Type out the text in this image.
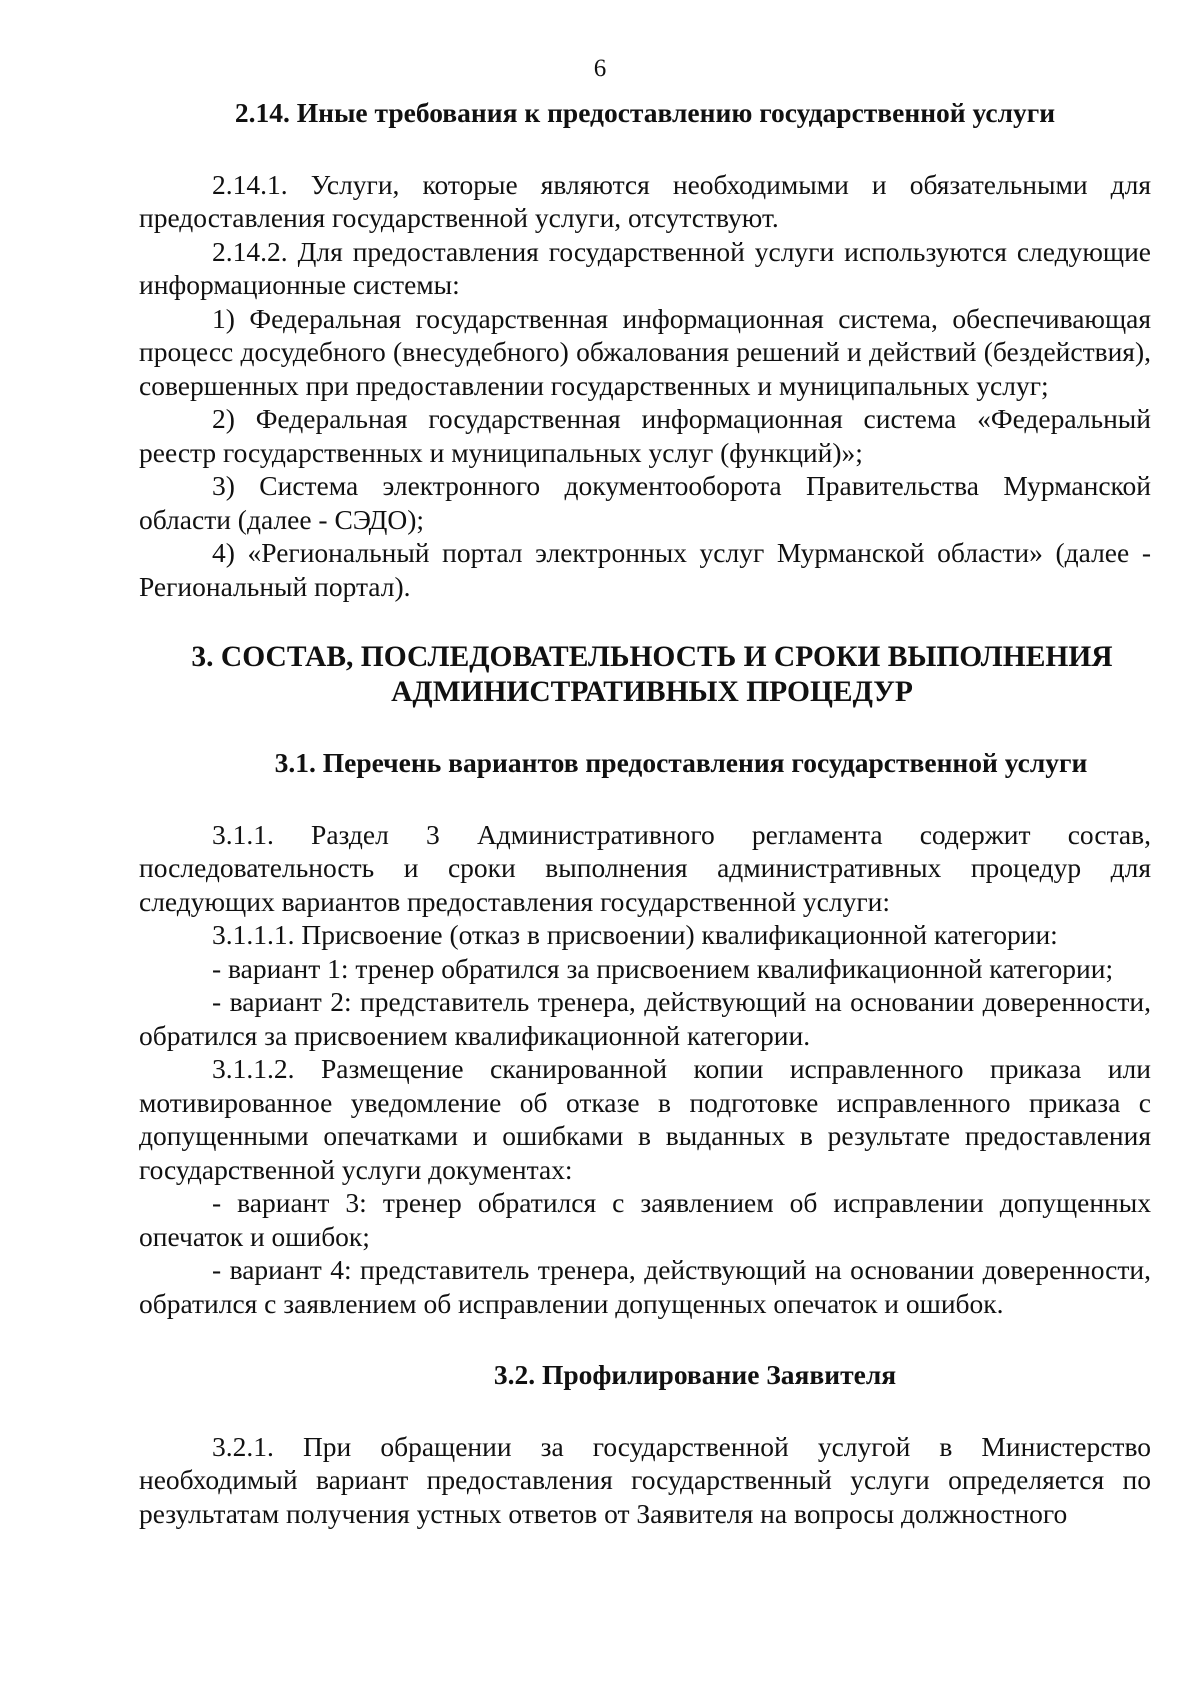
6

2.14. Иные требования к предоставлению государственной услуги

2.14.1. Услуги, которые являются необходимыми и обязательными для предоставления государственной услуги, отсутствуют.

2.14.2. Для предоставления государственной услуги используются следующие информационные системы:

1) Федеральная государственная информационная система, обеспечивающая процесс досудебного (внесудебного) обжалования решений и действий (бездействия), совершенных при предоставлении государственных и муниципальных услуг;

2) Федеральная государственная информационная система «Федеральный реестр государственных и муниципальных услуг (функций)»;

3) Система электронного документооборота Правительства Мурманской области (далее - СЭДО);

4) «Региональный портал электронных услуг Мурманской области» (далее - Региональный портал).

3. СОСТАВ, ПОСЛЕДОВАТЕЛЬНОСТЬ И СРОКИ ВЫПОЛНЕНИЯ
АДМИНИСТРАТИВНЫХ ПРОЦЕДУР

3.1. Перечень вариантов предоставления государственной услуги

3.1.1. Раздел 3 Административного регламента содержит состав, последовательность и сроки выполнения административных процедур для следующих вариантов предоставления государственной услуги:

3.1.1.1. Присвоение (отказ в присвоении) квалификационной категории:

- вариант 1: тренер обратился за присвоением квалификационной категории;

- вариант 2: представитель тренера, действующий на основании доверенности, обратился за присвоением квалификационной категории.

3.1.1.2. Размещение сканированной копии исправленного приказа или мотивированное уведомление об отказе в подготовке исправленного приказа с допущенными опечатками и ошибками в выданных в результате предоставления государственной услуги документах:

- вариант 3: тренер обратился с заявлением об исправлении допущенных опечаток и ошибок;

- вариант 4: представитель тренера, действующий на основании доверенности, обратился с заявлением об исправлении допущенных опечаток и ошибок.

3.2. Профилирование Заявителя

3.2.1. При обращении за государственной услугой в Министерство необходимый вариант предоставления государственный услуги определяется по результатам получения устных ответов от Заявителя на вопросы должностного
